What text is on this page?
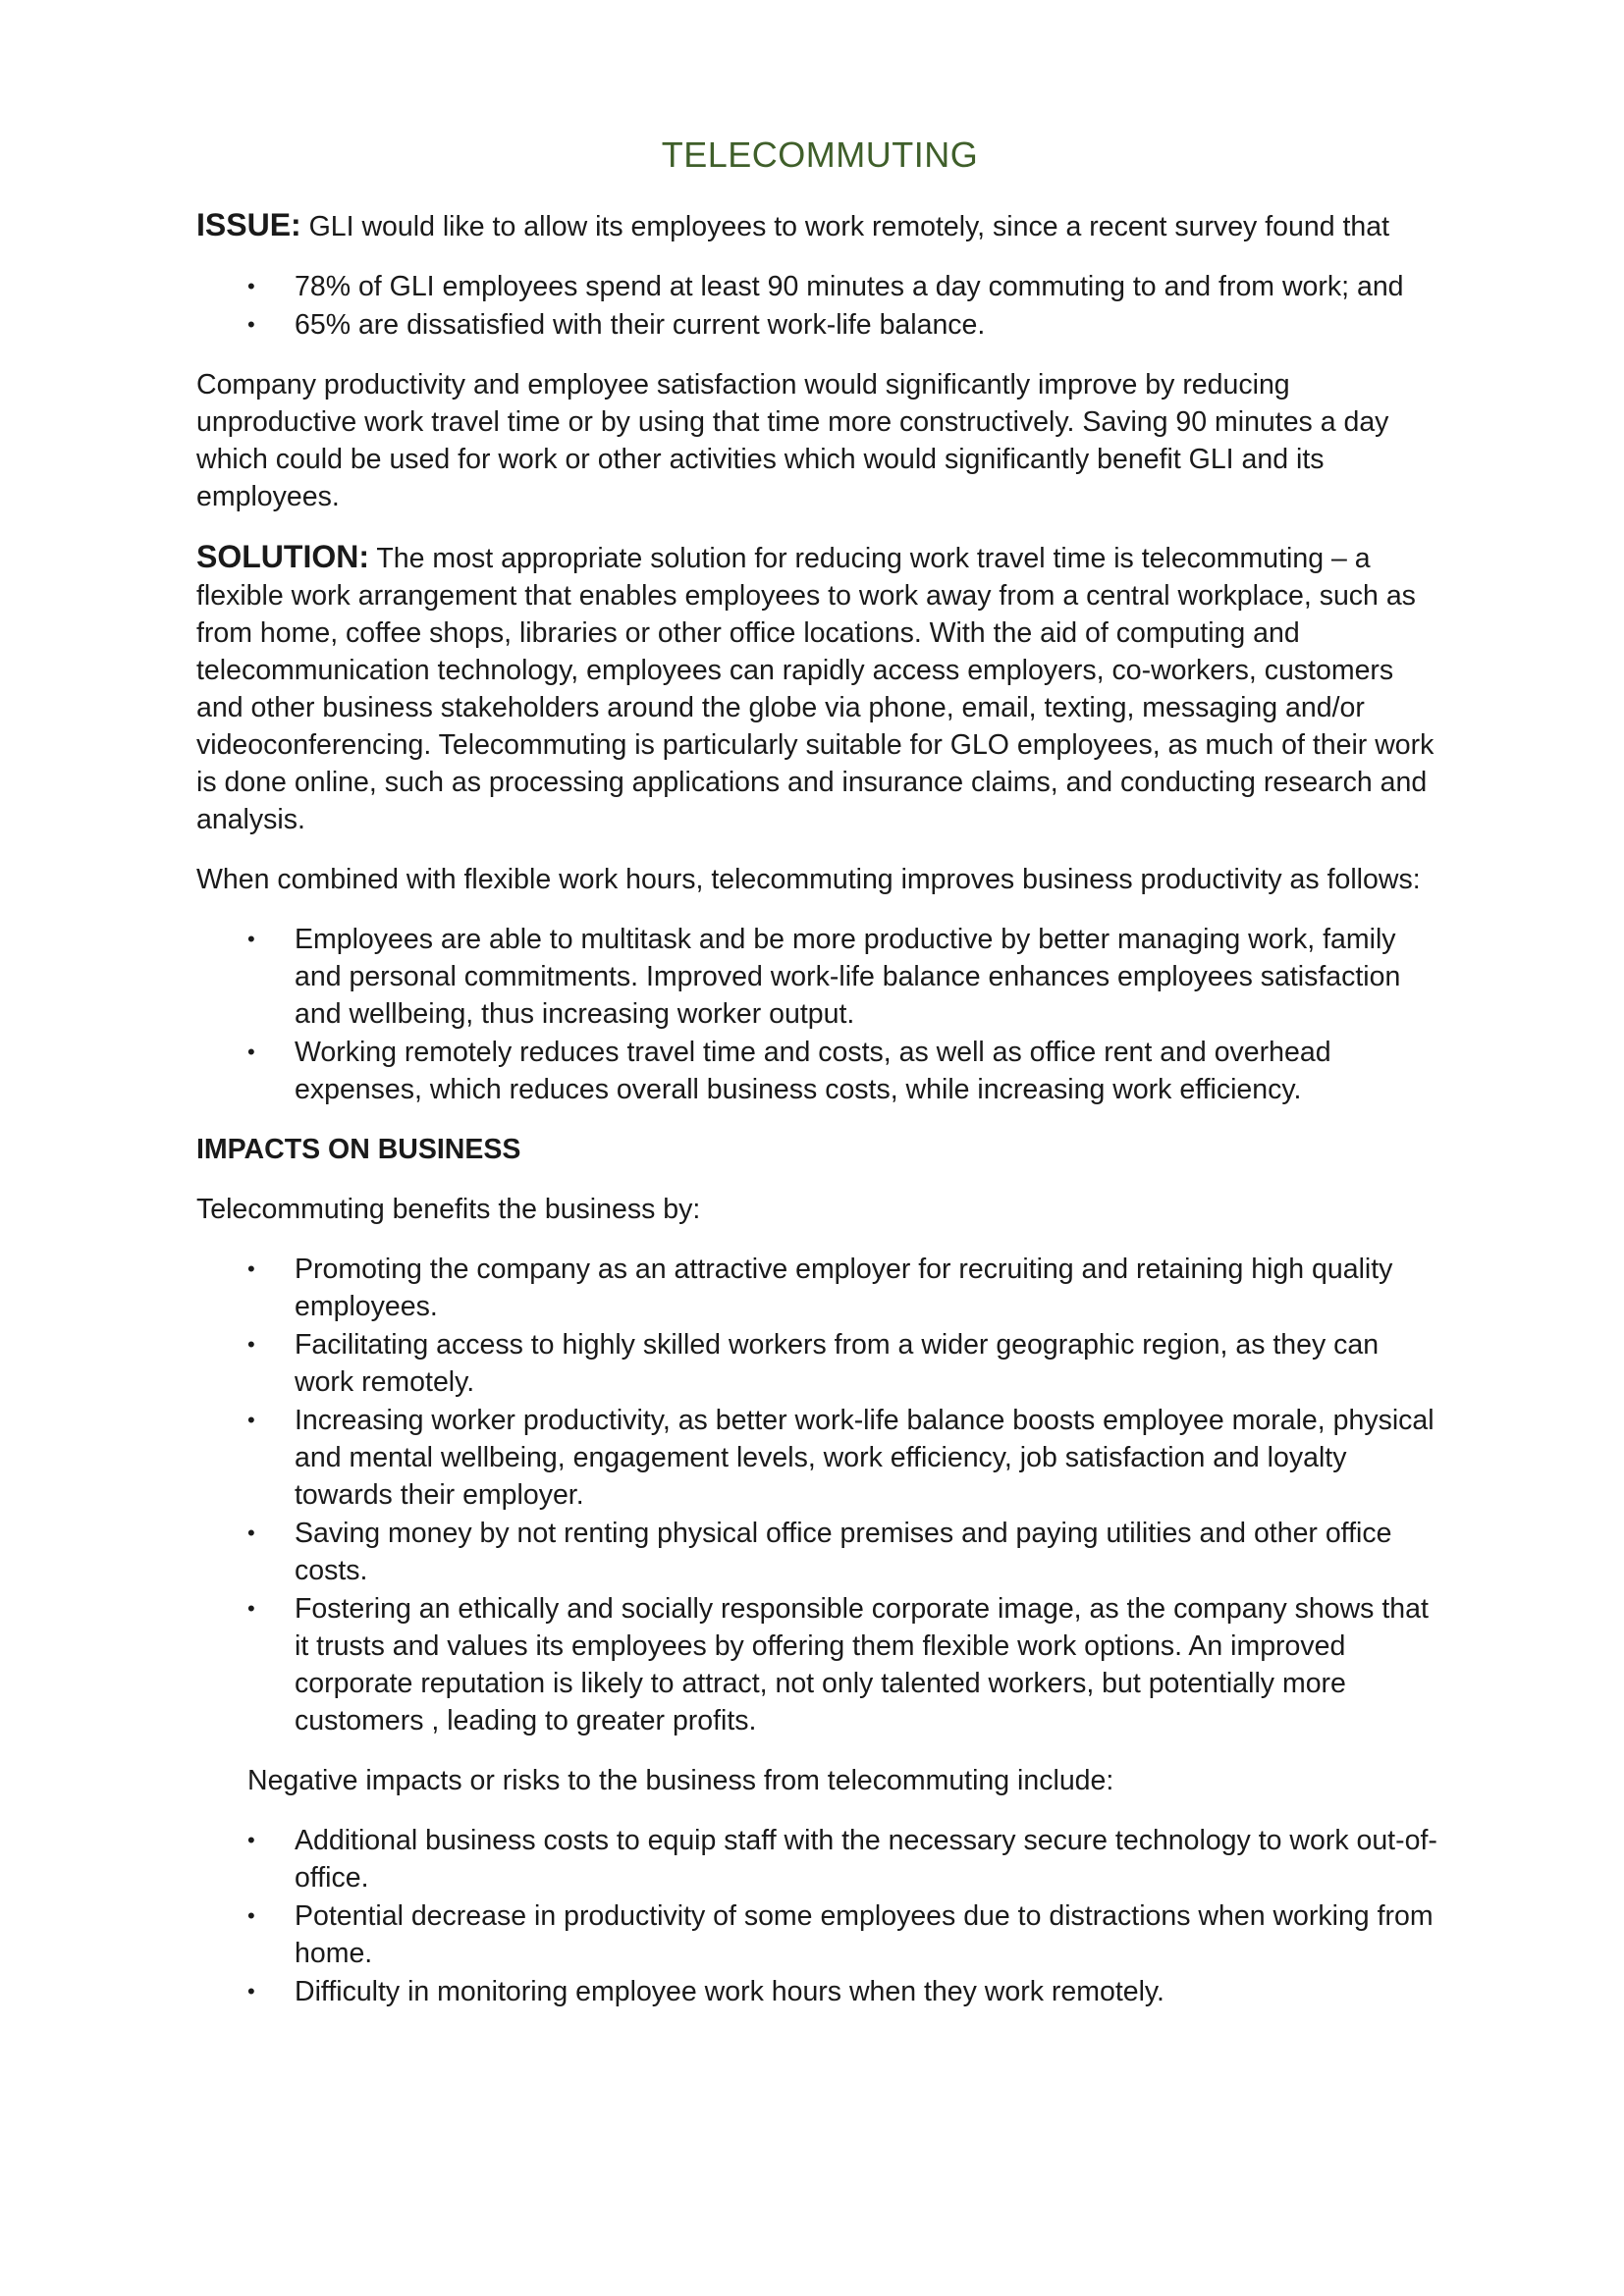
TELECOMMUTING

ISSUE: GLI would like to allow its employees to work remotely, since a recent survey found that

• 78% of GLI employees spend at least 90 minutes a day commuting to and from work; and
• 65% are dissatisfied with their current work-life balance.

Company productivity and employee satisfaction would significantly improve by reducing unproductive work travel time or by using that time more constructively. Saving 90 minutes a day which could be used for work or other activities which would significantly benefit GLI and its employees.

SOLUTION: The most appropriate solution for reducing work travel time is telecommuting – a flexible work arrangement that enables employees to work away from a central workplace, such as from home, coffee shops, libraries or other office locations. With the aid of computing and telecommunication technology, employees can rapidly access employers, co-workers, customers and other business stakeholders around the globe via phone, email, texting, messaging and/or videoconferencing. Telecommuting is particularly suitable for GLO employees, as much of their work is done online, such as processing applications and insurance claims, and conducting research and analysis.

When combined with flexible work hours, telecommuting improves business productivity as follows:

• Employees are able to multitask and be more productive by better managing work, family and personal commitments. Improved work-life balance enhances employees satisfaction and wellbeing, thus increasing worker output.
• Working remotely reduces travel time and costs, as well as office rent and overhead expenses, which reduces overall business costs, while increasing work efficiency.

IMPACTS ON BUSINESS

Telecommuting benefits the business by:

• Promoting the company as an attractive employer for recruiting and retaining high quality employees.
• Facilitating access to highly skilled workers from a wider geographic region, as they can work remotely.
• Increasing worker productivity, as better work-life balance boosts employee morale, physical and mental wellbeing, engagement levels, work efficiency, job satisfaction and loyalty towards their employer.
• Saving money by not renting physical office premises and paying utilities and other office costs.
• Fostering an ethically and socially responsible corporate image, as the company shows that it trusts and values its employees by offering them flexible work options. An improved corporate reputation is likely to attract, not only talented workers, but potentially more customers , leading to greater profits.

Negative impacts or risks to the business from telecommuting include:

• Additional business costs to equip staff with the necessary secure technology to work out-of-office.
• Potential decrease in productivity of some employees due to distractions when working from home.
• Difficulty in monitoring employee work hours when they work remotely.
